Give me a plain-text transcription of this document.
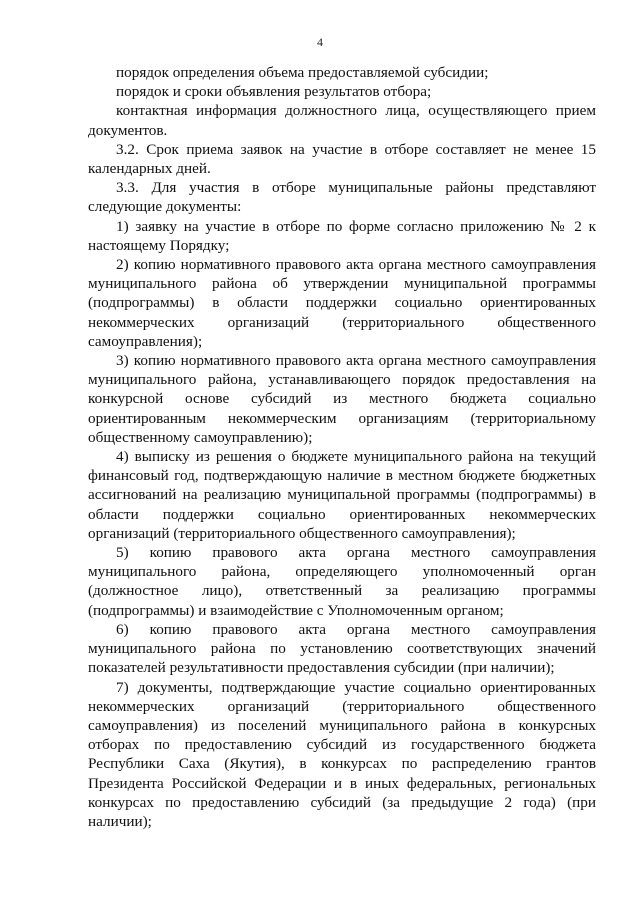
4

порядок определения объема предоставляемой субсидии;

порядок и сроки объявления результатов отбора;

контактная информация должностного лица, осуществляющего прием документов.

3.2. Срок приема заявок на участие в отборе составляет не менее 15 календарных дней.

3.3. Для участия в отборе муниципальные районы представляют следующие документы:

1) заявку на участие в отборе по форме согласно приложению № 2 к настоящему Порядку;

2) копию нормативного правового акта органа местного самоуправления муниципального района об утверждении муниципальной программы (подпрограммы) в области поддержки социально ориентированных некоммерческих организаций (территориального общественного самоуправления);

3) копию нормативного правового акта органа местного самоуправления муниципального района, устанавливающего порядок предоставления на конкурсной основе субсидий из местного бюджета социально ориентированным некоммерческим организациям (территориальному общественному самоуправлению);

4) выписку из решения о бюджете муниципального района на текущий финансовый год, подтверждающую наличие в местном бюджете бюджетных ассигнований на реализацию муниципальной программы (подпрограммы) в области поддержки социально ориентированных некоммерческих организаций (территориального общественного самоуправления);

5) копию правового акта органа местного самоуправления муниципального района, определяющего уполномоченный орган (должностное лицо), ответственный за реализацию программы (подпрограммы) и взаимодействие с Уполномоченным органом;

6) копию правового акта органа местного самоуправления муниципального района по установлению соответствующих значений показателей результативности предоставления субсидии (при наличии);

7) документы, подтверждающие участие социально ориентированных некоммерческих организаций (территориального общественного самоуправления) из поселений муниципального района в конкурсных отборах по предоставлению субсидий из государственного бюджета Республики Саха (Якутия), в конкурсах по распределению грантов Президента Российской Федерации и в иных федеральных, региональных конкурсах по предоставлению субсидий (за предыдущие 2 года) (при наличии);
